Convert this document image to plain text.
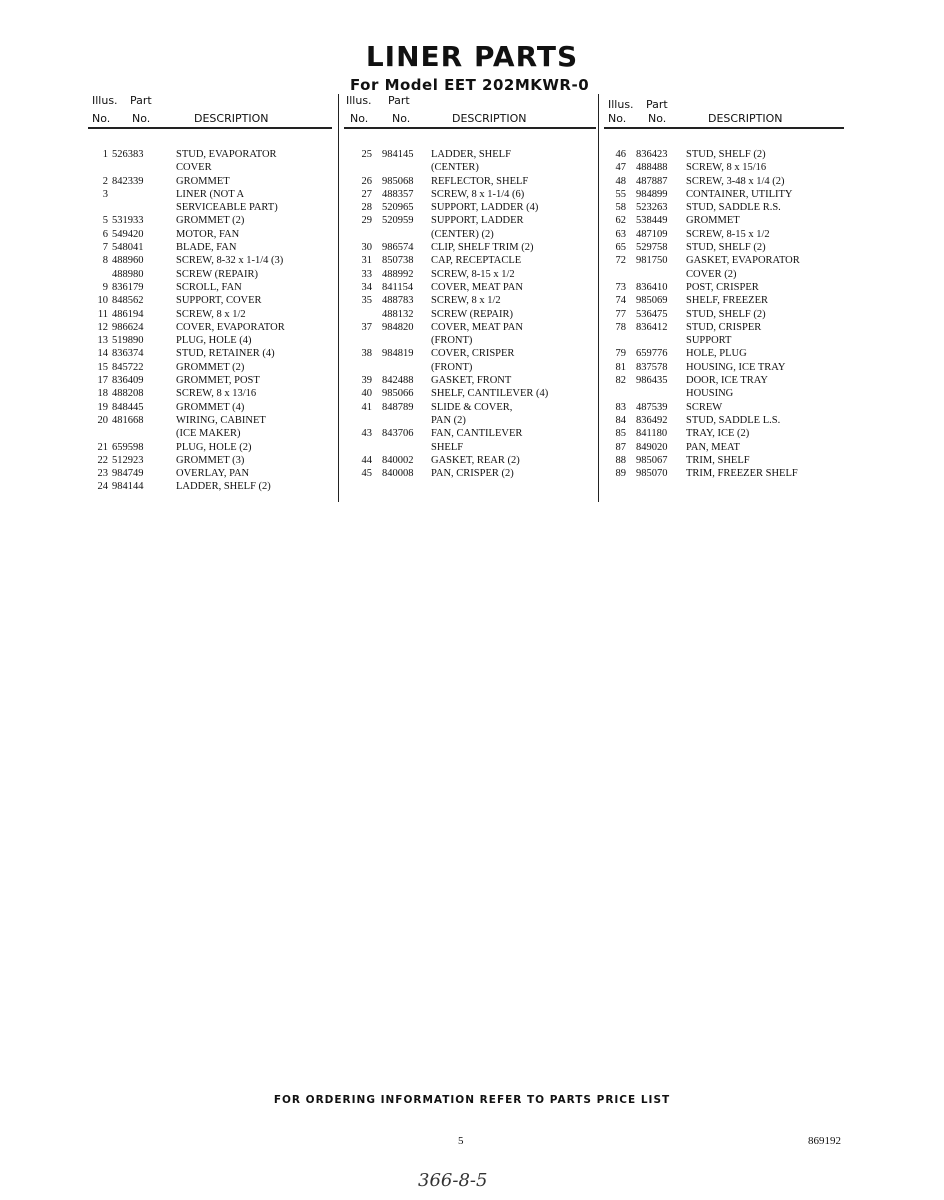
LINER PARTS
For Model EET 202MKWR-0
Illus. Part
No. No.	DESCRIPTION
1 526383	STUD, EVAPORATOR
COVER
2 842339	GROMMET
3	LINER (NOT A
SERVICEABLE PART)
5 531933	GROMMET (2)
6 549420	MOTOR, FAN
7 548041	BLADE, FAN
8 488960	SCREW, 8-32 x 1-1/4 (3)
488980	SCREW (REPAIR)
9 836179	SCROLL, FAN
10 848562	SUPPORT, COVER
11 486194	SCREW, 8 x 1/2
12 986624	COVER, EVAPORATOR
13 519890	PLUG, HOLE (4)
14 836374	STUD, RETAINER (4)
15 845722	GROMMET (2)
17 836409	GROMMET, POST
18 488208	SCREW, 8 x 13/16
19 848445	GROMMET (4)
20 481668	WIRING, CABINET
(ICE MAKER)
21 659598	PLUG, HOLE (2)
22 512923	GROMMET (3)
23 984749	OVERLAY, PAN
24 984144	LADDER, SHELF (2)
Illus. Part
No. No.	DESCRIPTION
25 984145 LADDER, SHELF
(CENTER)
26 985068 REFLECTOR, SHELF
27 488357 SCREW, 8 x 1-1/4 (6)
28 520965 SUPPORT, LADDER (4)
29 520959 SUPPORT, LADDER
(CENTER) (2)
30 986574 CLIP, SHELF TRIM (2)
31 850738 CAP, RECEPTACLE
33 488992 SCREW, 8-15 x 1/2
34 841154 COVER, MEAT PAN
35 488783 SCREW, 8 x 1/2
488132 SCREW (REPAIR)
37 984820 COVER, MEAT PAN
(FRONT)
38 984819 COVER, CRISPER
(FRONT)
39 842488 GASKET, FRONT
40 985066 SHELF, CANTILEVER (4)
41 848789 SLIDE & COVER,
PAN (2)
43 843706 FAN, CANTILEVER
SHELF
44 840002 GASKET, REAR (2)
45 840008 PAN, CRISPER (2)
Illus. Part
No. No.	DESCRIPTION
46 836423 STUD, SHELF (2)
47 488488 SCREW, 8 x 15/16
48 487887 SCREW, 3-48 x 1/4 (2)
55 984899 CONTAINER, UTILITY
58 523263 STUD, SADDLE R.S.
62 538449 GROMMET
63 487109 SCREW, 8-15 x 1/2
65 529758 STUD, SHELF (2)
72 981750 GASKET, EVAPORATOR
COVER (2)
73 836410 POST, CRISPER
74 985069 SHELF, FREEZER
77 536475 STUD, SHELF (2)
78 836412 STUD, CRISPER
SUPPORT
79 659776 HOLE, PLUG
81 837578 HOUSING, ICE TRAY
82 986435 DOOR, ICE TRAY
HOUSING
83 487539 SCREW
84 836492 STUD, SADDLE L.S.
85 841180 TRAY, ICE (2)
87 849020 PAN, MEAT
88 985067 TRIM, SHELF
89 985070 TRIM, FREEZER SHELF
FOR ORDERING INFORMATION REFER TO PARTS PRICE LIST
5	869192
366-8-5
